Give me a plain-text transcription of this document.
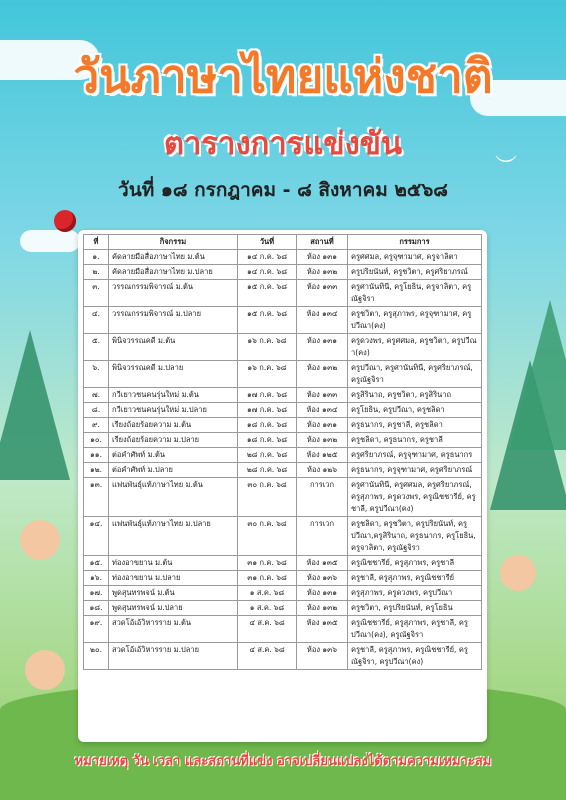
︶
วันภาษาไทยแห่งชาติ
ตารางการแข่งขัน
วันที่ ๑๘ กรกฎาคม - ๘ สิงหาคม ๒๕๖๘
ที่	กิจกรรม	วันที่	สถานที่	กรรมการ
๑.	คัดลายมือสื่อภาษาไทย ม.ต้น	๑๔ ก.ค. ๖๘	ห้อง ๑๓๑	ครูศศมล, ครูจุฑามาศ, ครูจาลิตา
๒.	คัดลายมือสื่อภาษาไทย ม.ปลาย	๑๔ ก.ค. ๖๘	ห้อง ๑๓๒	ครูปริยนันท์, ครูชวิตา, ครูศริยาภรณ์
๓.	วรรณกรรมพิจารณ์ ม.ต้น	๑๕ ก.ค. ๖๘	ห้อง ๑๓๓	ครูศานันทินี, ครูโยธิน, ครูจาลิตา, ครูณัฐจิรา
๔.	วรรณกรรมพิจารณ์ ม.ปลาย	๑๕ ก.ค. ๖๘	ห้อง ๑๓๔	ครูชวิตา, ครูสุภาพร, ครูจุฑามาศ, ครูปวีณา(คง)
๕.	พินิจวรรณคดี ม.ต้น	๑๖ ก.ค. ๖๘	ห้อง ๑๓๑	ครูดวงพร, ครูศศมล, ครูชวิตา, ครูปวีณา(คง)
๖.	พินิจวรรณคดี ม.ปลาย	๑๖ ก.ค. ๖๘	ห้อง ๑๓๒	ครูปวีณา, ครูศานันทินี, ครูศริยาภรณ์, ครูณัฐจิรา
๗.	กวีเยาวชนคนรุ่นใหม่ ม.ต้น	๑๗ ก.ค. ๖๘	ห้อง ๑๓๓	ครูสิรินาถ, ครูชวิตา, ครูสิรินาถ
๘.	กวีเยาวชนคนรุ่นใหม่ ม.ปลาย	๑๗ ก.ค. ๖๘	ห้อง ๑๓๔	ครูโยธิน, ครูปวีณา, ครูชลิดา
๙.	เรียงถ้อยร้อยความ ม.ต้น	๑๘ ก.ค. ๖๘	ห้อง ๑๓๑	ครูธนากร, ครูชาลี, ครูชลิดา
๑๐.	เรียงถ้อยร้อยความ ม.ปลาย	๑๘ ก.ค. ๖๘	ห้อง ๑๓๒	ครูชลิดา, ครูธนากร, ครูชาลี
๑๑.	ต่อคำศัพท์ ม.ต้น	๒๘ ก.ค. ๖๘	ห้อง ๑๒๕	ครูศริยาภรณ์, ครูจุฑามาศ, ครูธนากร
๑๒.	ต่อคำศัพท์ ม.ปลาย	๒๘ ก.ค. ๖๘	ห้อง ๑๒๖	ครูธนากร, ครูจุฑามาศ, ครูศริยาภรณ์
๑๓.	แฟนพันธุ์แท้ภาษาไทย ม.ต้น	๓๐ ก.ค. ๖๘	การเวก	ครูศานันทินี, ครูศศมล, ครูศริยาภรณ์, ครูสุภาพร, ครูดวงพร, ครูณิชชารีย์, ครูชาลี, ครูปวีณา(คง)
๑๔.	แฟนพันธุ์แท้ภาษาไทย ม.ปลาย	๓๐ ก.ค. ๖๘	การเวก	ครูชลิดา, ครูชวิตา, ครูปริยนันท์, ครูปวีณา,ครูสิรินาถ, ครูธนากร, ครูโยธิน, ครูจาลิตา, ครูณัฐจิรา
๑๕.	ท่องอาขยาน ม.ต้น	๓๑ ก.ค. ๖๘	ห้อง ๑๓๕	ครูณิชชารีย์, ครูสุภาพร, ครูชาลี
๑๖.	ท่องอาขยาน ม.ปลาย	๓๑ ก.ค. ๖๘	ห้อง ๑๓๖	ครูชาลี, ครูสุภาพร, ครูณิชชารีย์
๑๗.	พูดสุนทรพจน์ ม.ต้น	๑ ส.ค. ๖๘	ห้อง ๑๓๑	ครูสุภาพร, ครูดวงพร, ครูปวีณา
๑๘.	พูดสุนทรพจน์ ม.ปลาย	๑ ส.ค. ๖๘	ห้อง ๑๓๒	ครูชวิตา, ครูปริยนันท์, ครูโยธิน
๑๙.	สวดโอ้เอ้วิหารราย ม.ต้น	๔ ส.ค. ๖๘	ห้อง ๑๓๕	ครูณิชชารีย์, ครูสุภาพร, ครูชาลี, ครูปวีณา(คง), ครูณัฐจิรา
๒๐.	สวดโอ้เอ้วิหารราย ม.ปลาย	๔ ส.ค. ๖๘	ห้อง ๑๓๖	ครูชาลี, ครูสุภาพร, ครูณิชชารีย์, ครูณัฐจิรา, ครูปวีณา(คง)
หมายเหตุ วัน เวลา และสถานที่แข่ง อาจเปลี่ยนแปลงได้ตามความเหมาะสม
